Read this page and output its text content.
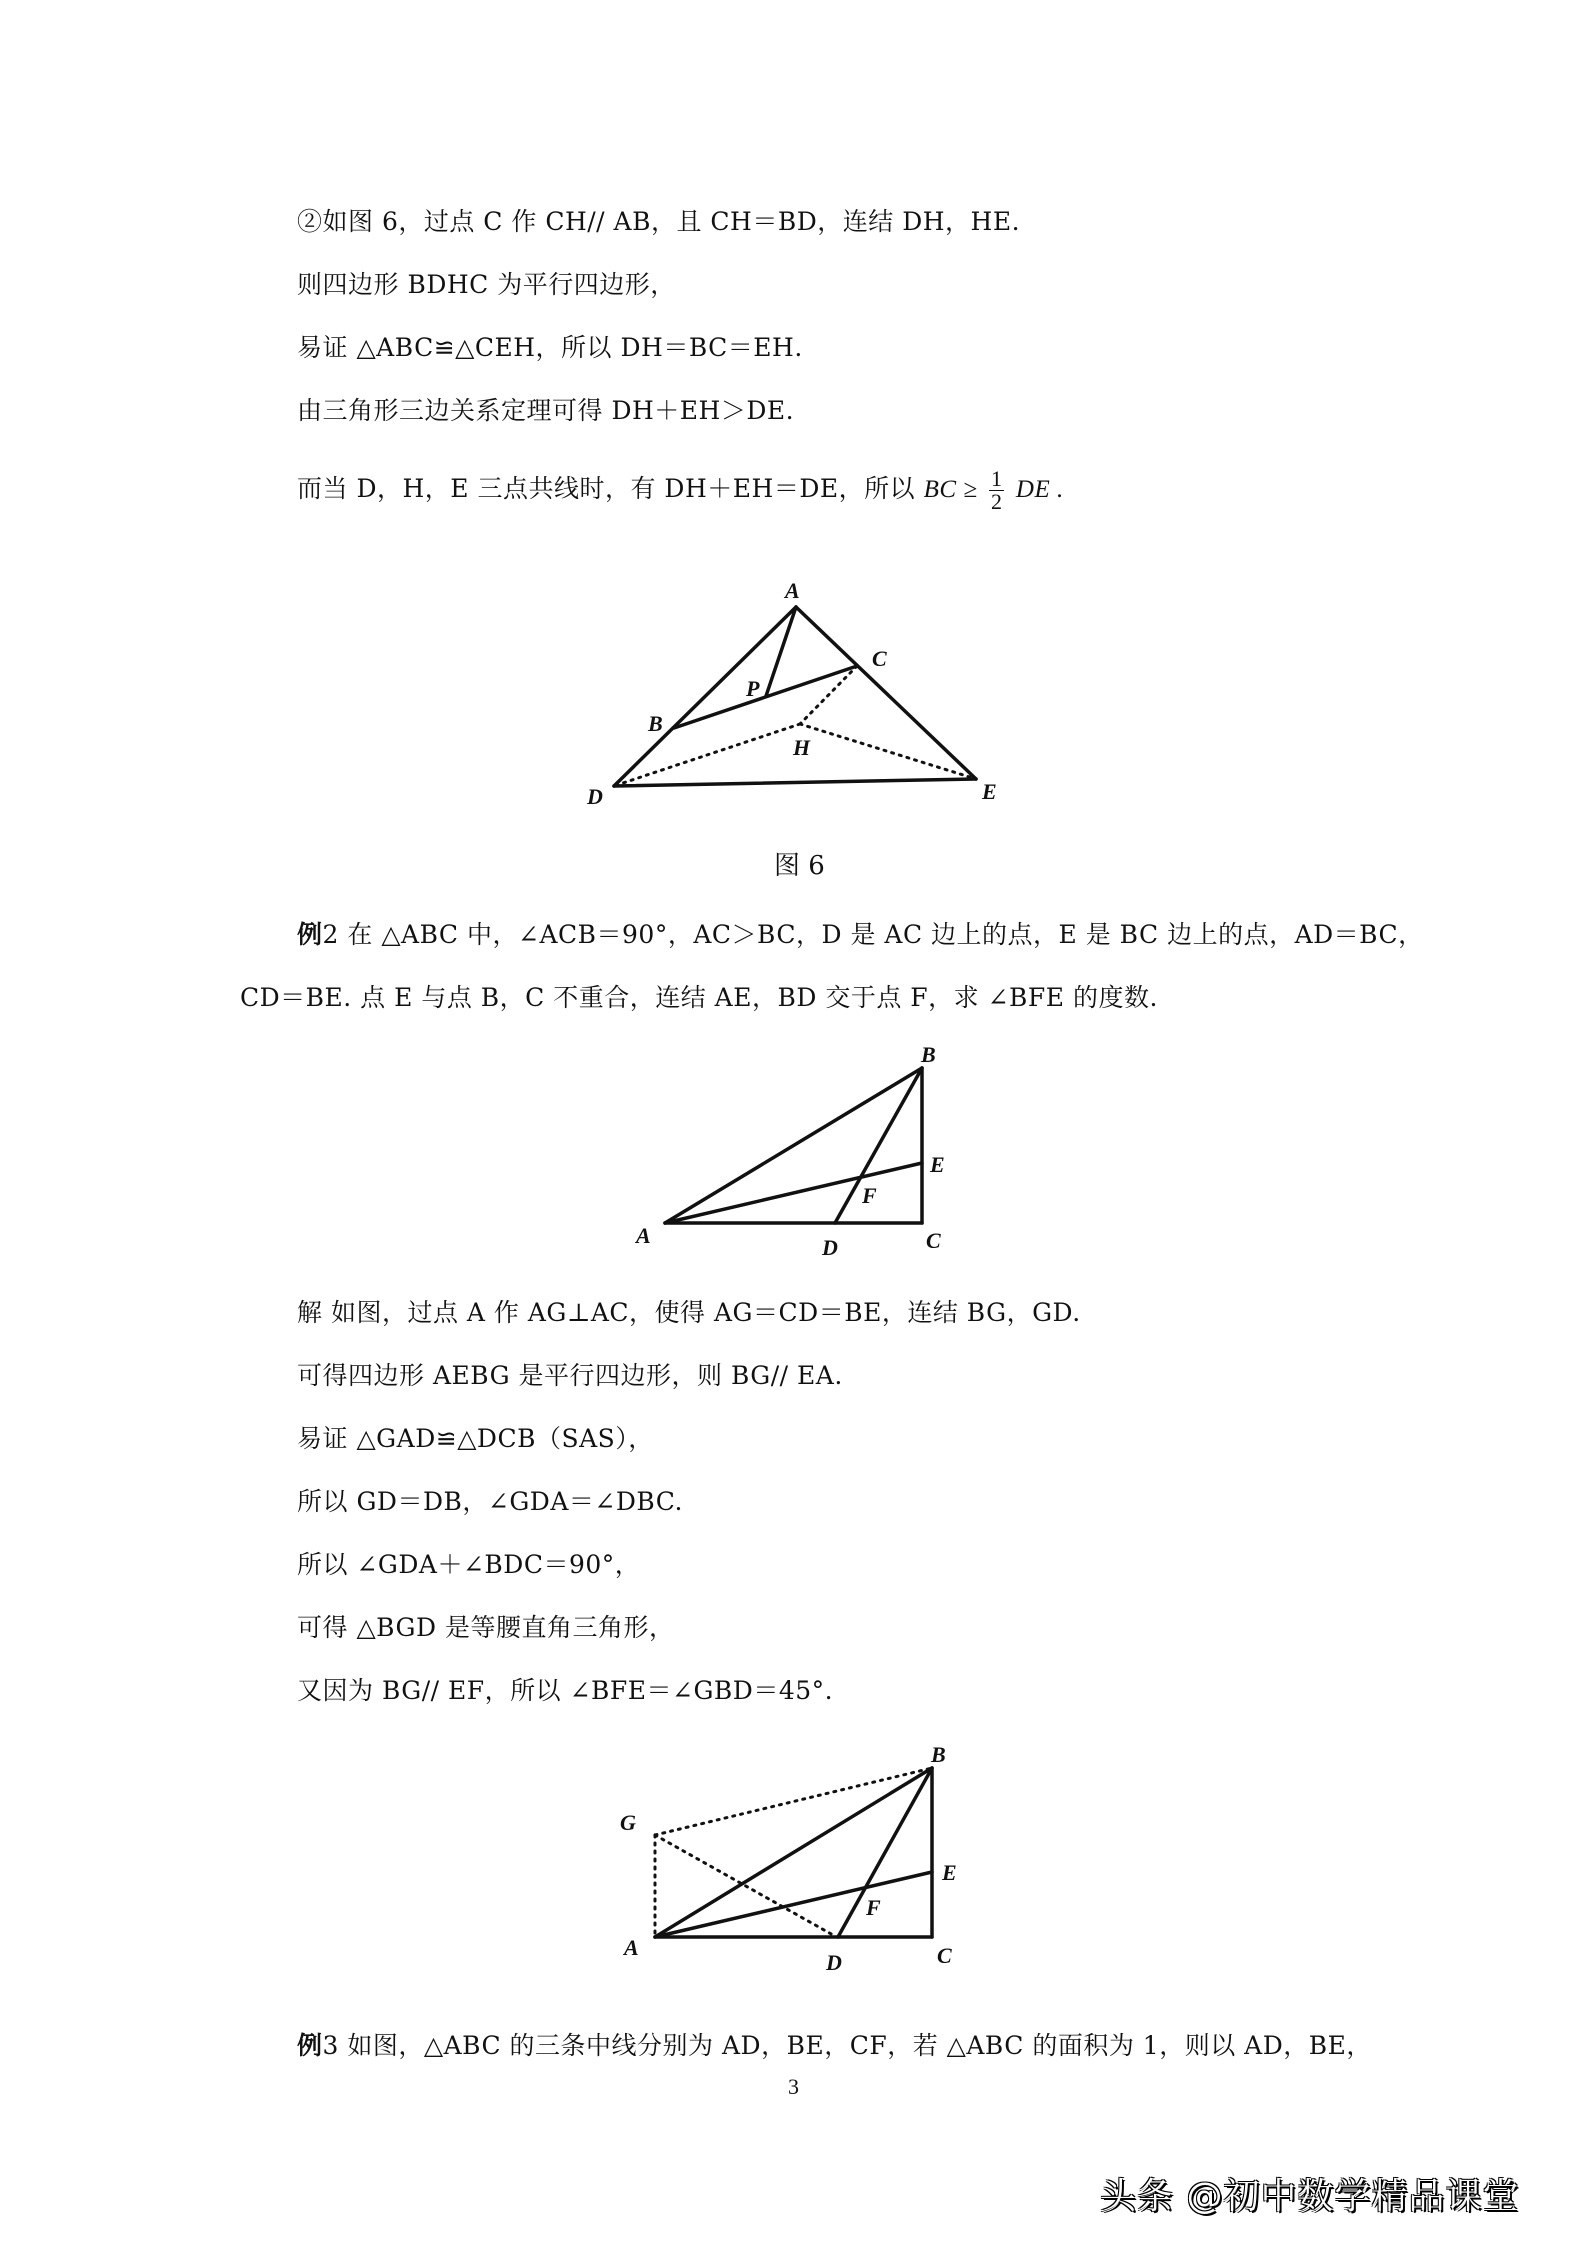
②如图 6，过点 C 作 CH// AB，且 CH＝BD，连结 DH，HE.
则四边形 BDHC 为平行四边形，
易证 △ABC≌△CEH，所以 DH＝BC＝EH.
由三角形三边关系定理可得 DH＋EH＞DE.
而当 D，H，E 三点共线时，有 DH＋EH＝DE，所以 BC ≥ $\frac{1}{2}$ DE .
A
C
B
P
H
D	E
B
E
F
A	D	C
B
G
E
F
A
D	C
图 6
例2 在 △ABC 中，∠ACB＝90°，AC＞BC，D 是 AC 边上的点，E 是 BC 边上的点，AD＝BC，
CD＝BE. 点 E 与点 B，C 不重合，连结 AE，BD 交于点 F，求 ∠BFE 的度数.
解 如图，过点 A 作 AG⊥AC，使得 AG＝CD＝BE，连结 BG，GD.
可得四边形 AEBG 是平行四边形，则 BG// EA.
易证 △GAD≌△DCB（SAS），
所以 GD＝DB，∠GDA＝∠DBC.
所以 ∠GDA＋∠BDC＝90°，
可得 △BGD 是等腰直角三角形，
又因为 BG// EF，所以 ∠BFE＝∠GBD＝45°.
例3 如图，△ABC 的三条中线分别为 AD，BE，CF，若 △ABC 的面积为 1，则以 AD，BE，
3
头条 @初中数学精品课堂
